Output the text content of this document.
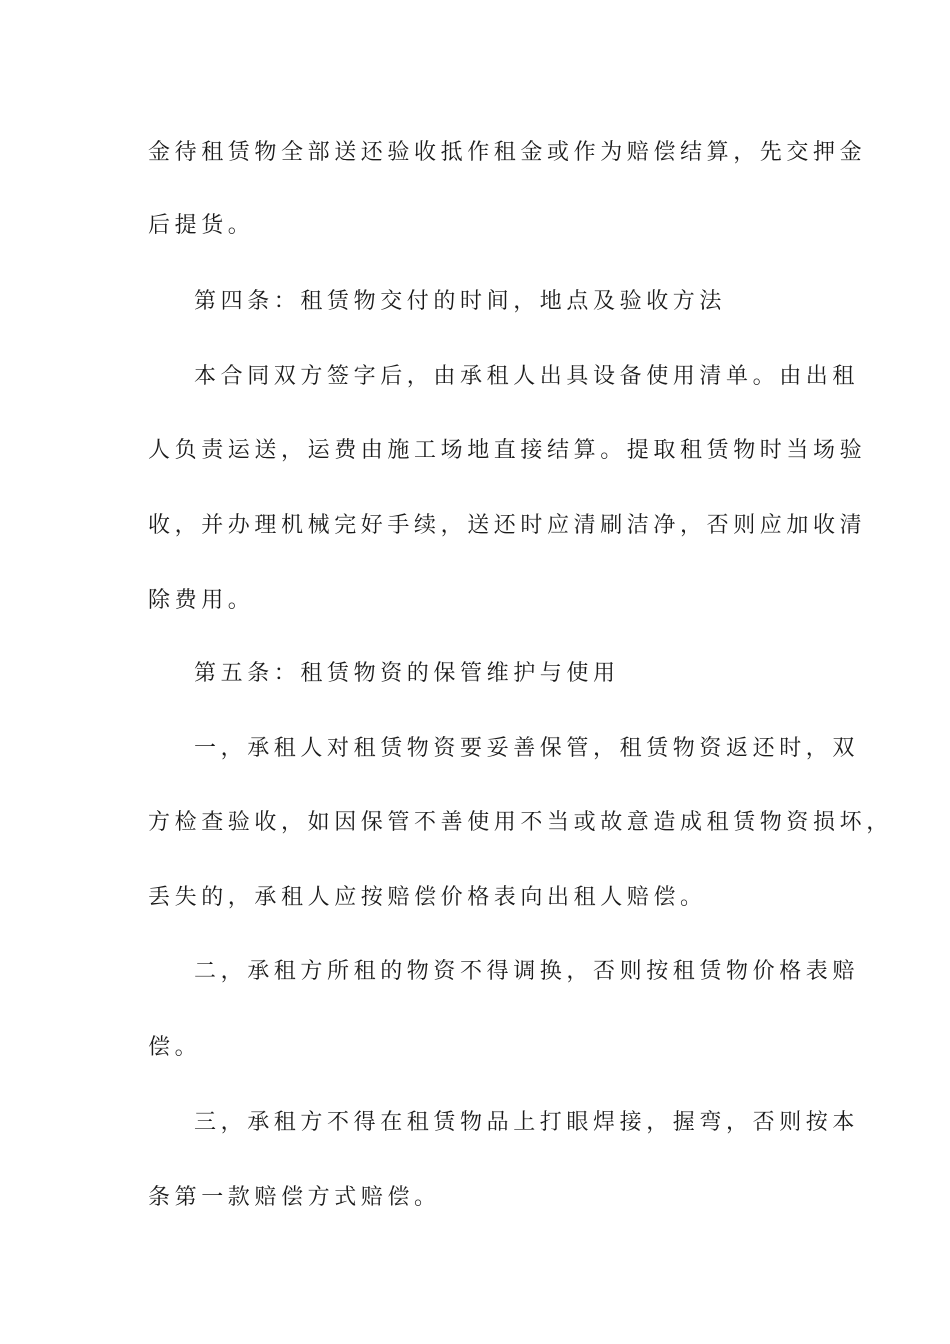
金待租赁物全部送还验收抵作租金或作为赔偿结算，先交押金
后提货。
第四条：租赁物交付的时间，地点及验收方法
本合同双方签字后，由承租人出具设备使用清单。由出租
人负责运送，运费由施工场地直接结算。提取租赁物时当场验
收，并办理机械完好手续，送还时应清刷洁净，否则应加收清
除费用。
第五条：租赁物资的保管维护与使用
一，承租人对租赁物资要妥善保管，租赁物资返还时，双
方检查验收，如因保管不善使用不当或故意造成租赁物资损坏，
丢失的，承租人应按赔偿价格表向出租人赔偿。
二，承租方所租的物资不得调换，否则按租赁物价格表赔
偿。
三，承租方不得在租赁物品上打眼焊接，握弯，否则按本
条第一款赔偿方式赔偿。
